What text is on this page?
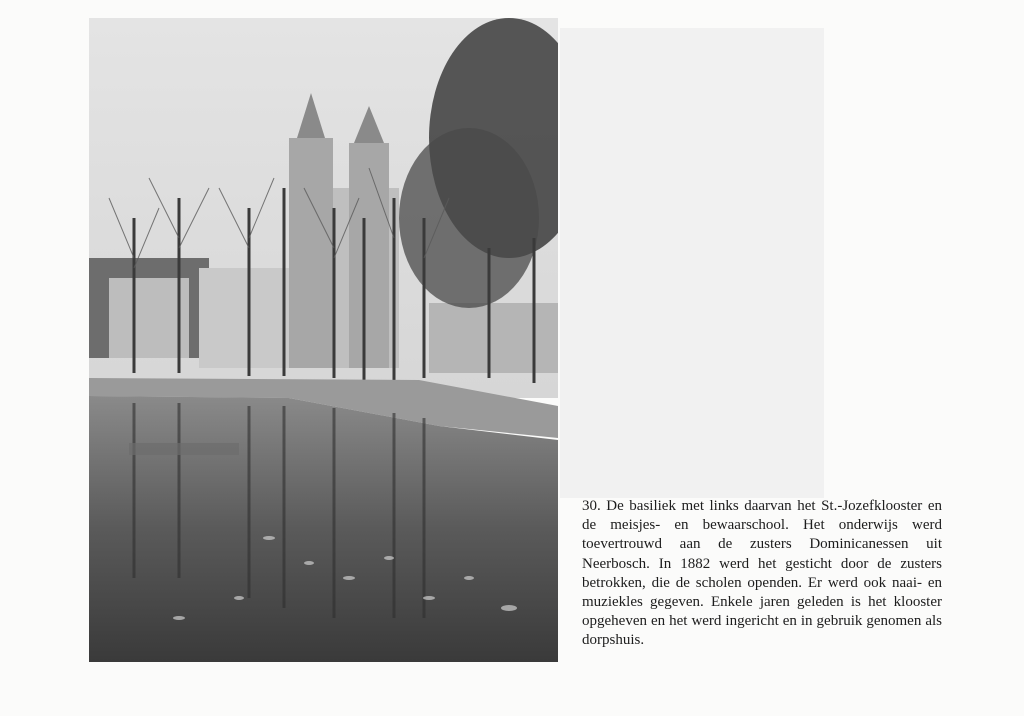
30. De basiliek met links daarvan het St.-Jozefklooster en de meisjes- en bewaarschool. Het onderwijs werd toevertrouwd aan de zusters Dominicanessen uit Neerbosch. In 1882 werd het gesticht door de zusters betrokken, die de scholen openden. Er werd ook naai- en muziekles gegeven. Enkele jaren geleden is het klooster opgeheven en het werd ingericht en in gebruik genomen als dorpshuis.
